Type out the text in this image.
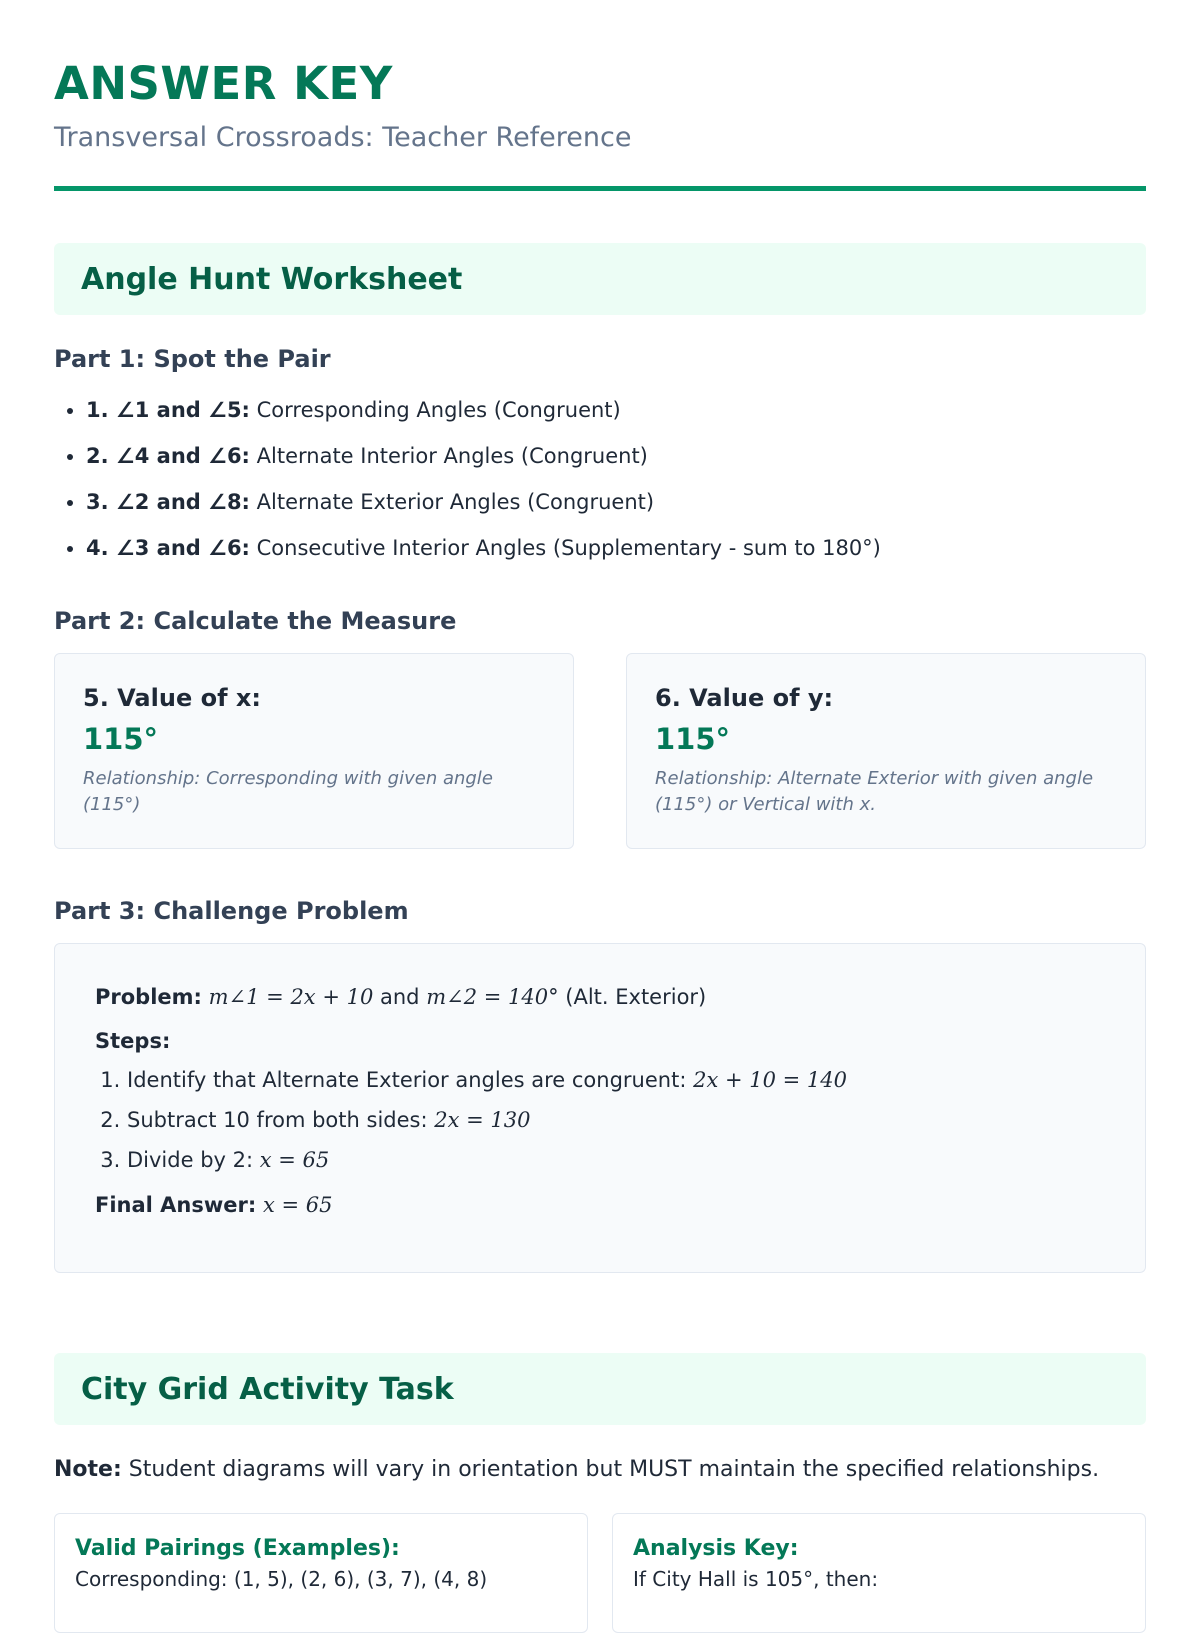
ANSWER KEY
Transversal Crossroads: Teacher Reference
Angle Hunt Worksheet
Part 1: Spot the Pair
• 1. ∠1 and ∠5: Corresponding Angles (Congruent)
• 2. ∠4 and ∠6: Alternate Interior Angles (Congruent)
• 3. ∠2 and ∠8: Alternate Exterior Angles (Congruent)
• 4. ∠3 and ∠6: Consecutive Interior Angles (Supplementary - sum to 180°)
Part 2: Calculate the Measure
5. Value of x:
115°
Relationship: Corresponding with given angle (115°)
6. Value of y:
115°
Relationship: Alternate Exterior with given angle (115°) or Vertical with x.
Part 3: Challenge Problem
Problem: m∠1 = 2x + 10 and m∠2 = 140° (Alt. Exterior)
Steps:
1. Identify that Alternate Exterior angles are congruent: 2x + 10 = 140
2. Subtract 10 from both sides: 2x = 130
3. Divide by 2: x = 65
Final Answer: x = 65
City Grid Activity Task
Note: Student diagrams will vary in orientation but MUST maintain the specified relationships.
Valid Pairings (Examples):
Corresponding: (1, 5), (2, 6), (3, 7), (4, 8)
Analysis Key:
If City Hall is 105°, then:
